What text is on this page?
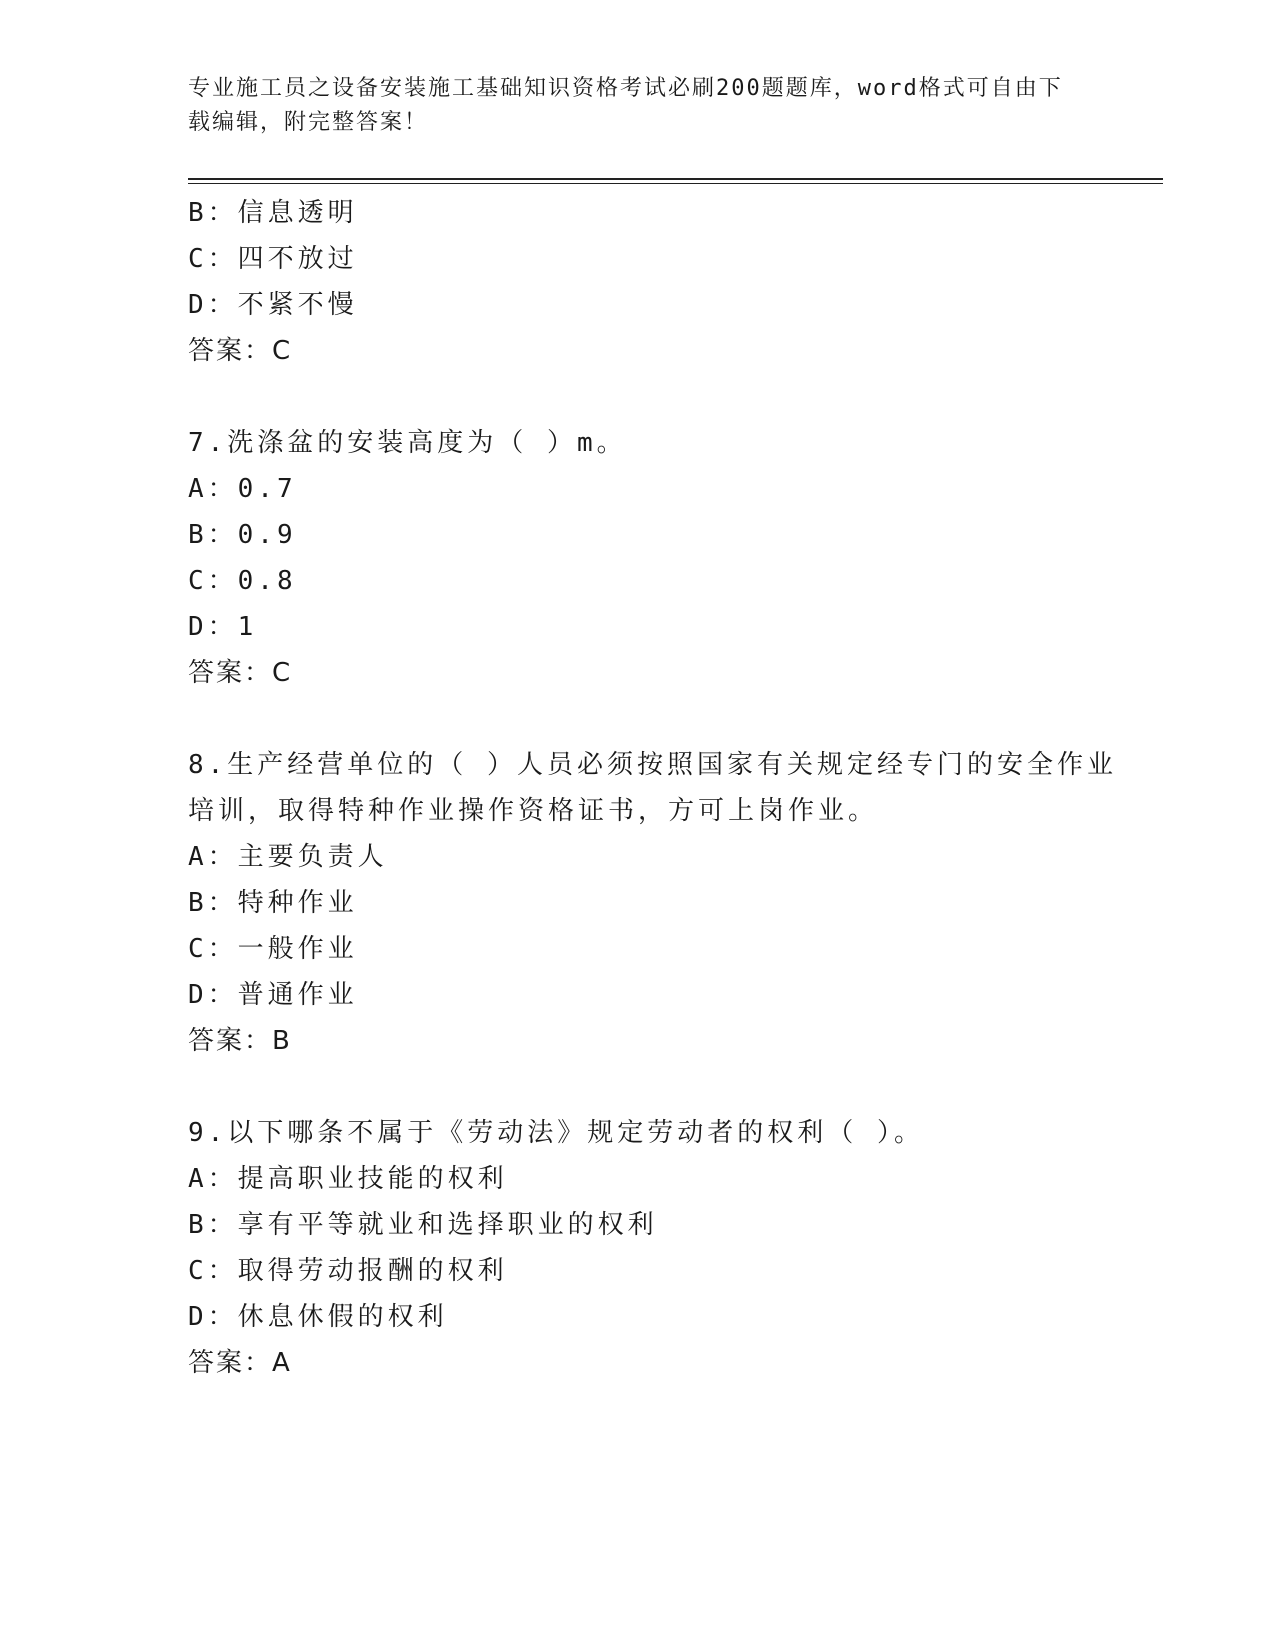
专业施工员之设备安装施工基础知识资格考试必刷200题题库，word格式可自由下载编辑，附完整答案！
B：信息透明
C：四不放过
D：不紧不慢
答案：C
7.洗涤盆的安装高度为（ ）m。
A：0.7
B：0.9
C：0.8
D：1
答案：C
8.生产经营单位的（ ）人员必须按照国家有关规定经专门的安全作业
培训，取得特种作业操作资格证书，方可上岗作业。
A：主要负责人
B：特种作业
C：一般作业
D：普通作业
答案：B
9.以下哪条不属于《劳动法》规定劳动者的权利（ ）。
A：提高职业技能的权利
B：享有平等就业和选择职业的权利
C：取得劳动报酬的权利
D：休息休假的权利
答案：A
